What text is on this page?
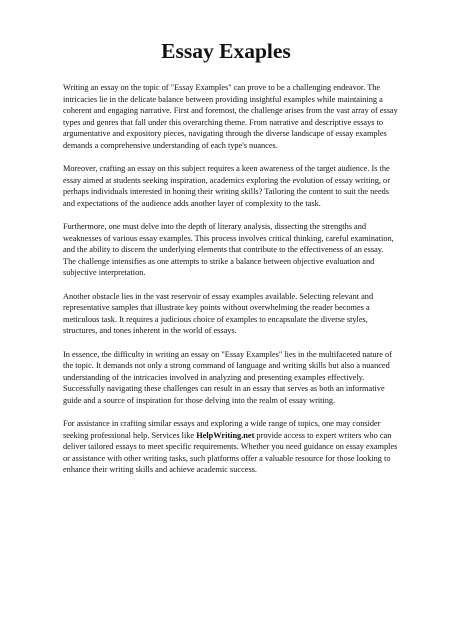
Essay Exaples

Writing an essay on the topic of "Essay Examples" can prove to be a challenging endeavor. The intricacies lie in the delicate balance between providing insightful examples while maintaining a coherent and engaging narrative. First and foremost, the challenge arises from the vast array of essay types and genres that fall under this overarching theme. From narrative and descriptive essays to argumentative and expository pieces, navigating through the diverse landscape of essay examples demands a comprehensive understanding of each type's nuances.

Moreover, crafting an essay on this subject requires a keen awareness of the target audience. Is the essay aimed at students seeking inspiration, academics exploring the evolution of essay writing, or perhaps individuals interested in honing their writing skills? Tailoring the content to suit the needs and expectations of the audience adds another layer of complexity to the task.

Furthermore, one must delve into the depth of literary analysis, dissecting the strengths and weaknesses of various essay examples. This process involves critical thinking, careful examination, and the ability to discern the underlying elements that contribute to the effectiveness of an essay. The challenge intensifies as one attempts to strike a balance between objective evaluation and subjective interpretation.

Another obstacle lies in the vast reservoir of essay examples available. Selecting relevant and representative samples that illustrate key points without overwhelming the reader becomes a meticulous task. It requires a judicious choice of examples to encapsulate the diverse styles, structures, and tones inherent in the world of essays.

In essence, the difficulty in writing an essay on "Essay Examples" lies in the multifaceted nature of the topic. It demands not only a strong command of language and writing skills but also a nuanced understanding of the intricacies involved in analyzing and presenting examples effectively. Successfully navigating these challenges can result in an essay that serves as both an informative guide and a source of inspiration for those delving into the realm of essay writing.

For assistance in crafting similar essays and exploring a wide range of topics, one may consider seeking professional help. Services like HelpWriting.net provide access to expert writers who can deliver tailored essays to meet specific requirements. Whether you need guidance on essay examples or assistance with other writing tasks, such platforms offer a valuable resource for those looking to enhance their writing skills and achieve academic success.
